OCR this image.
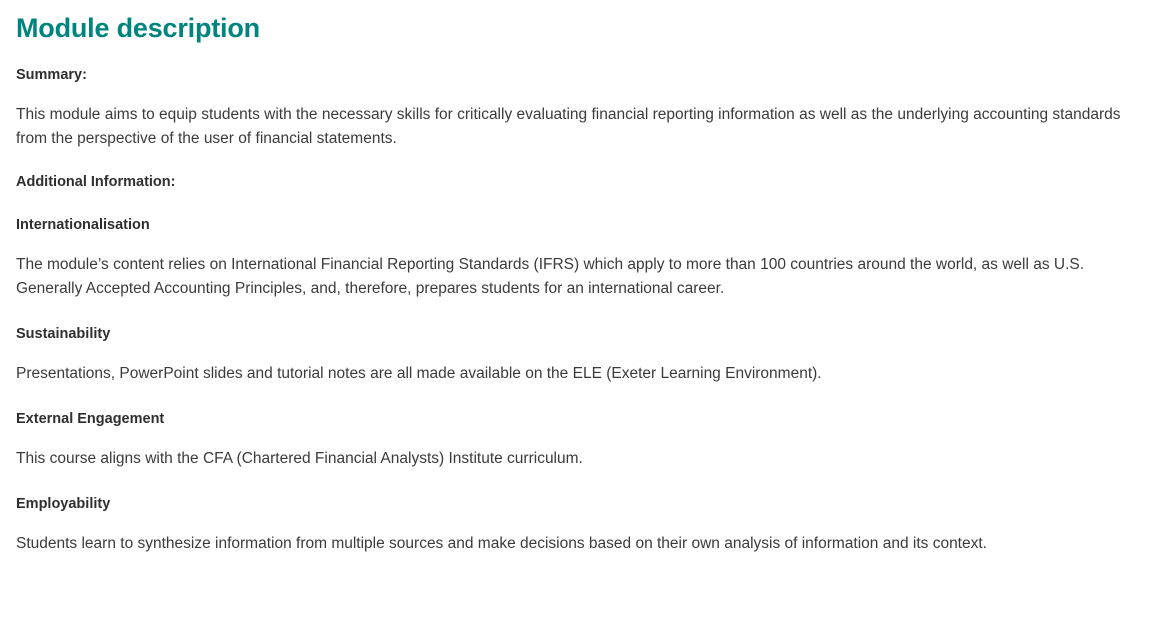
Module description
Summary:

This module aims to equip students with the necessary skills for critically evaluating financial reporting information as well as the underlying accounting standards from the perspective of the user of financial statements.

Additional Information:
Internationalisation

The module’s content relies on International Financial Reporting Standards (IFRS) which apply to more than 100 countries around the world, as well as U.S. Generally Accepted Accounting Principles, and, therefore, prepares students for an international career.

Sustainability

Presentations, PowerPoint slides and tutorial notes are all made available on the ELE (Exeter Learning Environment).

External Engagement

This course aligns with the CFA (Chartered Financial Analysts) Institute curriculum.

Employability

Students learn to synthesize information from multiple sources and make decisions based on their own analysis of information and its context.
